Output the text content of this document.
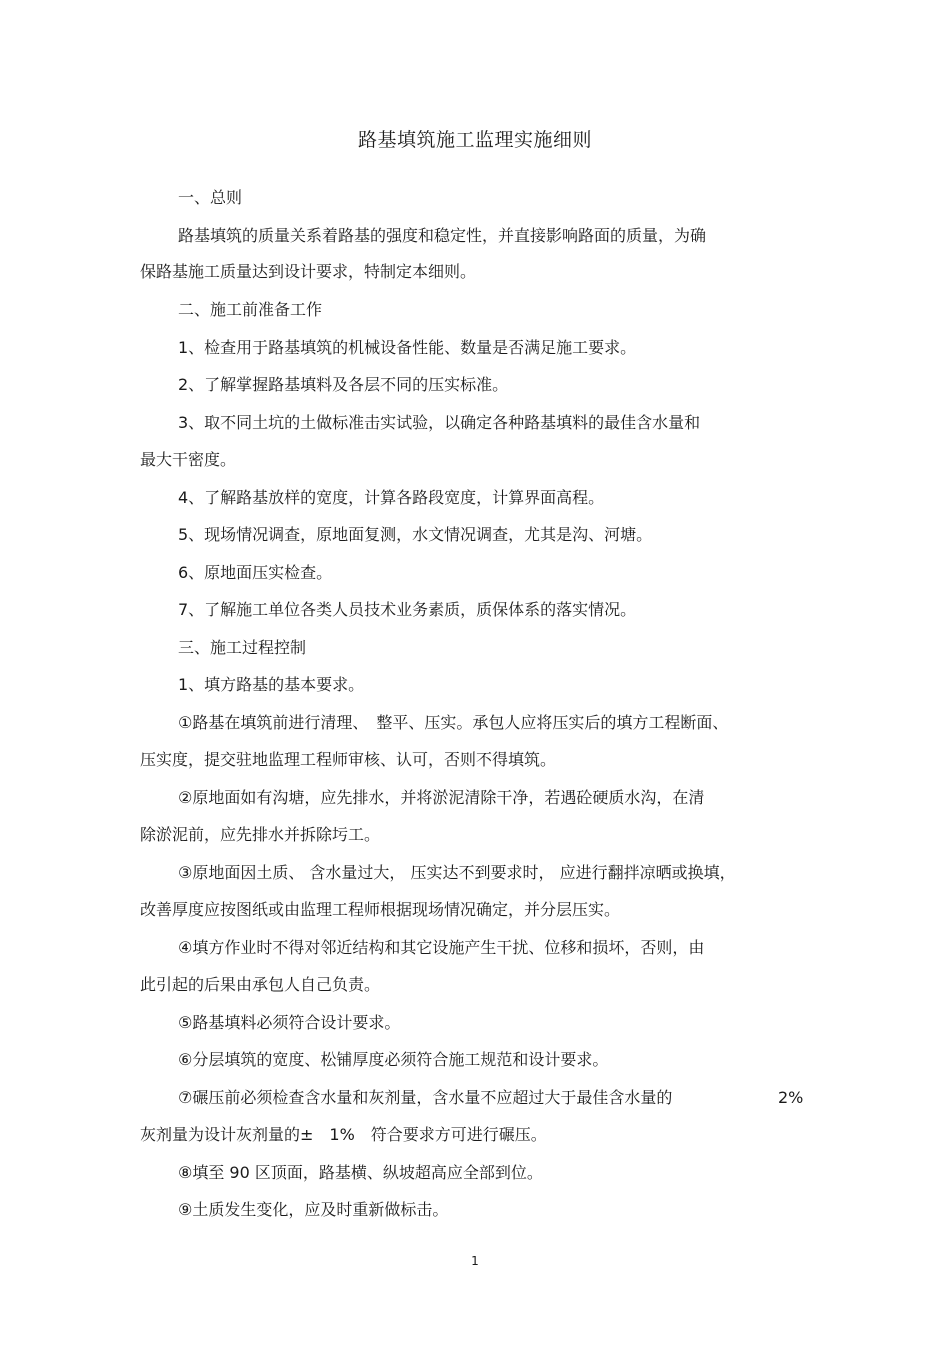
路基填筑施工监理实施细则
一、总则
路基填筑的质量关系着路基的强度和稳定性，并直接影响路面的质量，为确
保路基施工质量达到设计要求，特制定本细则。
二、施工前准备工作
1、检查用于路基填筑的机械设备性能、数量是否满足施工要求。
2、了解掌握路基填料及各层不同的压实标准。
3、取不同土坑的土做标准击实试验，以确定各种路基填料的最佳含水量和
最大干密度。
4、了解路基放样的宽度，计算各路段宽度，计算界面高程。
5、现场情况调查，原地面复测，水文情况调查，尤其是沟、河塘。
6、原地面压实检查。
7、了解施工单位各类人员技术业务素质，质保体系的落实情况。
三、施工过程控制
1、填方路基的基本要求。
①路基在填筑前进行清理、　整平、压实。承包人应将压实后的填方工程断面、
压实度，提交驻地监理工程师审核、认可，否则不得填筑。
②原地面如有沟塘，应先排水，并将淤泥清除干净，若遇砼硬质水沟，在清
除淤泥前，应先排水并拆除圬工。
③原地面因土质、 含水量过大， 压实达不到要求时， 应进行翻拌凉晒或换填，
改善厚度应按图纸或由监理工程师根据现场情况确定，并分层压实。
④填方作业时不得对邻近结构和其它设施产生干扰、位移和损坏，否则，由
此引起的后果由承包人自己负责。
⑤路基填料必须符合设计要求。
⑥分层填筑的宽度、松铺厚度必须符合施工规范和设计要求。
⑦碾压前必须检查含水量和灰剂量，含水量不应超过大于最佳含水量的	2%
灰剂量为设计灰剂量的±　1%　符合要求方可进行碾压。
⑧填至 90 区顶面，路基横、纵坡超高应全部到位。
⑨土质发生变化，应及时重新做标击。
1
